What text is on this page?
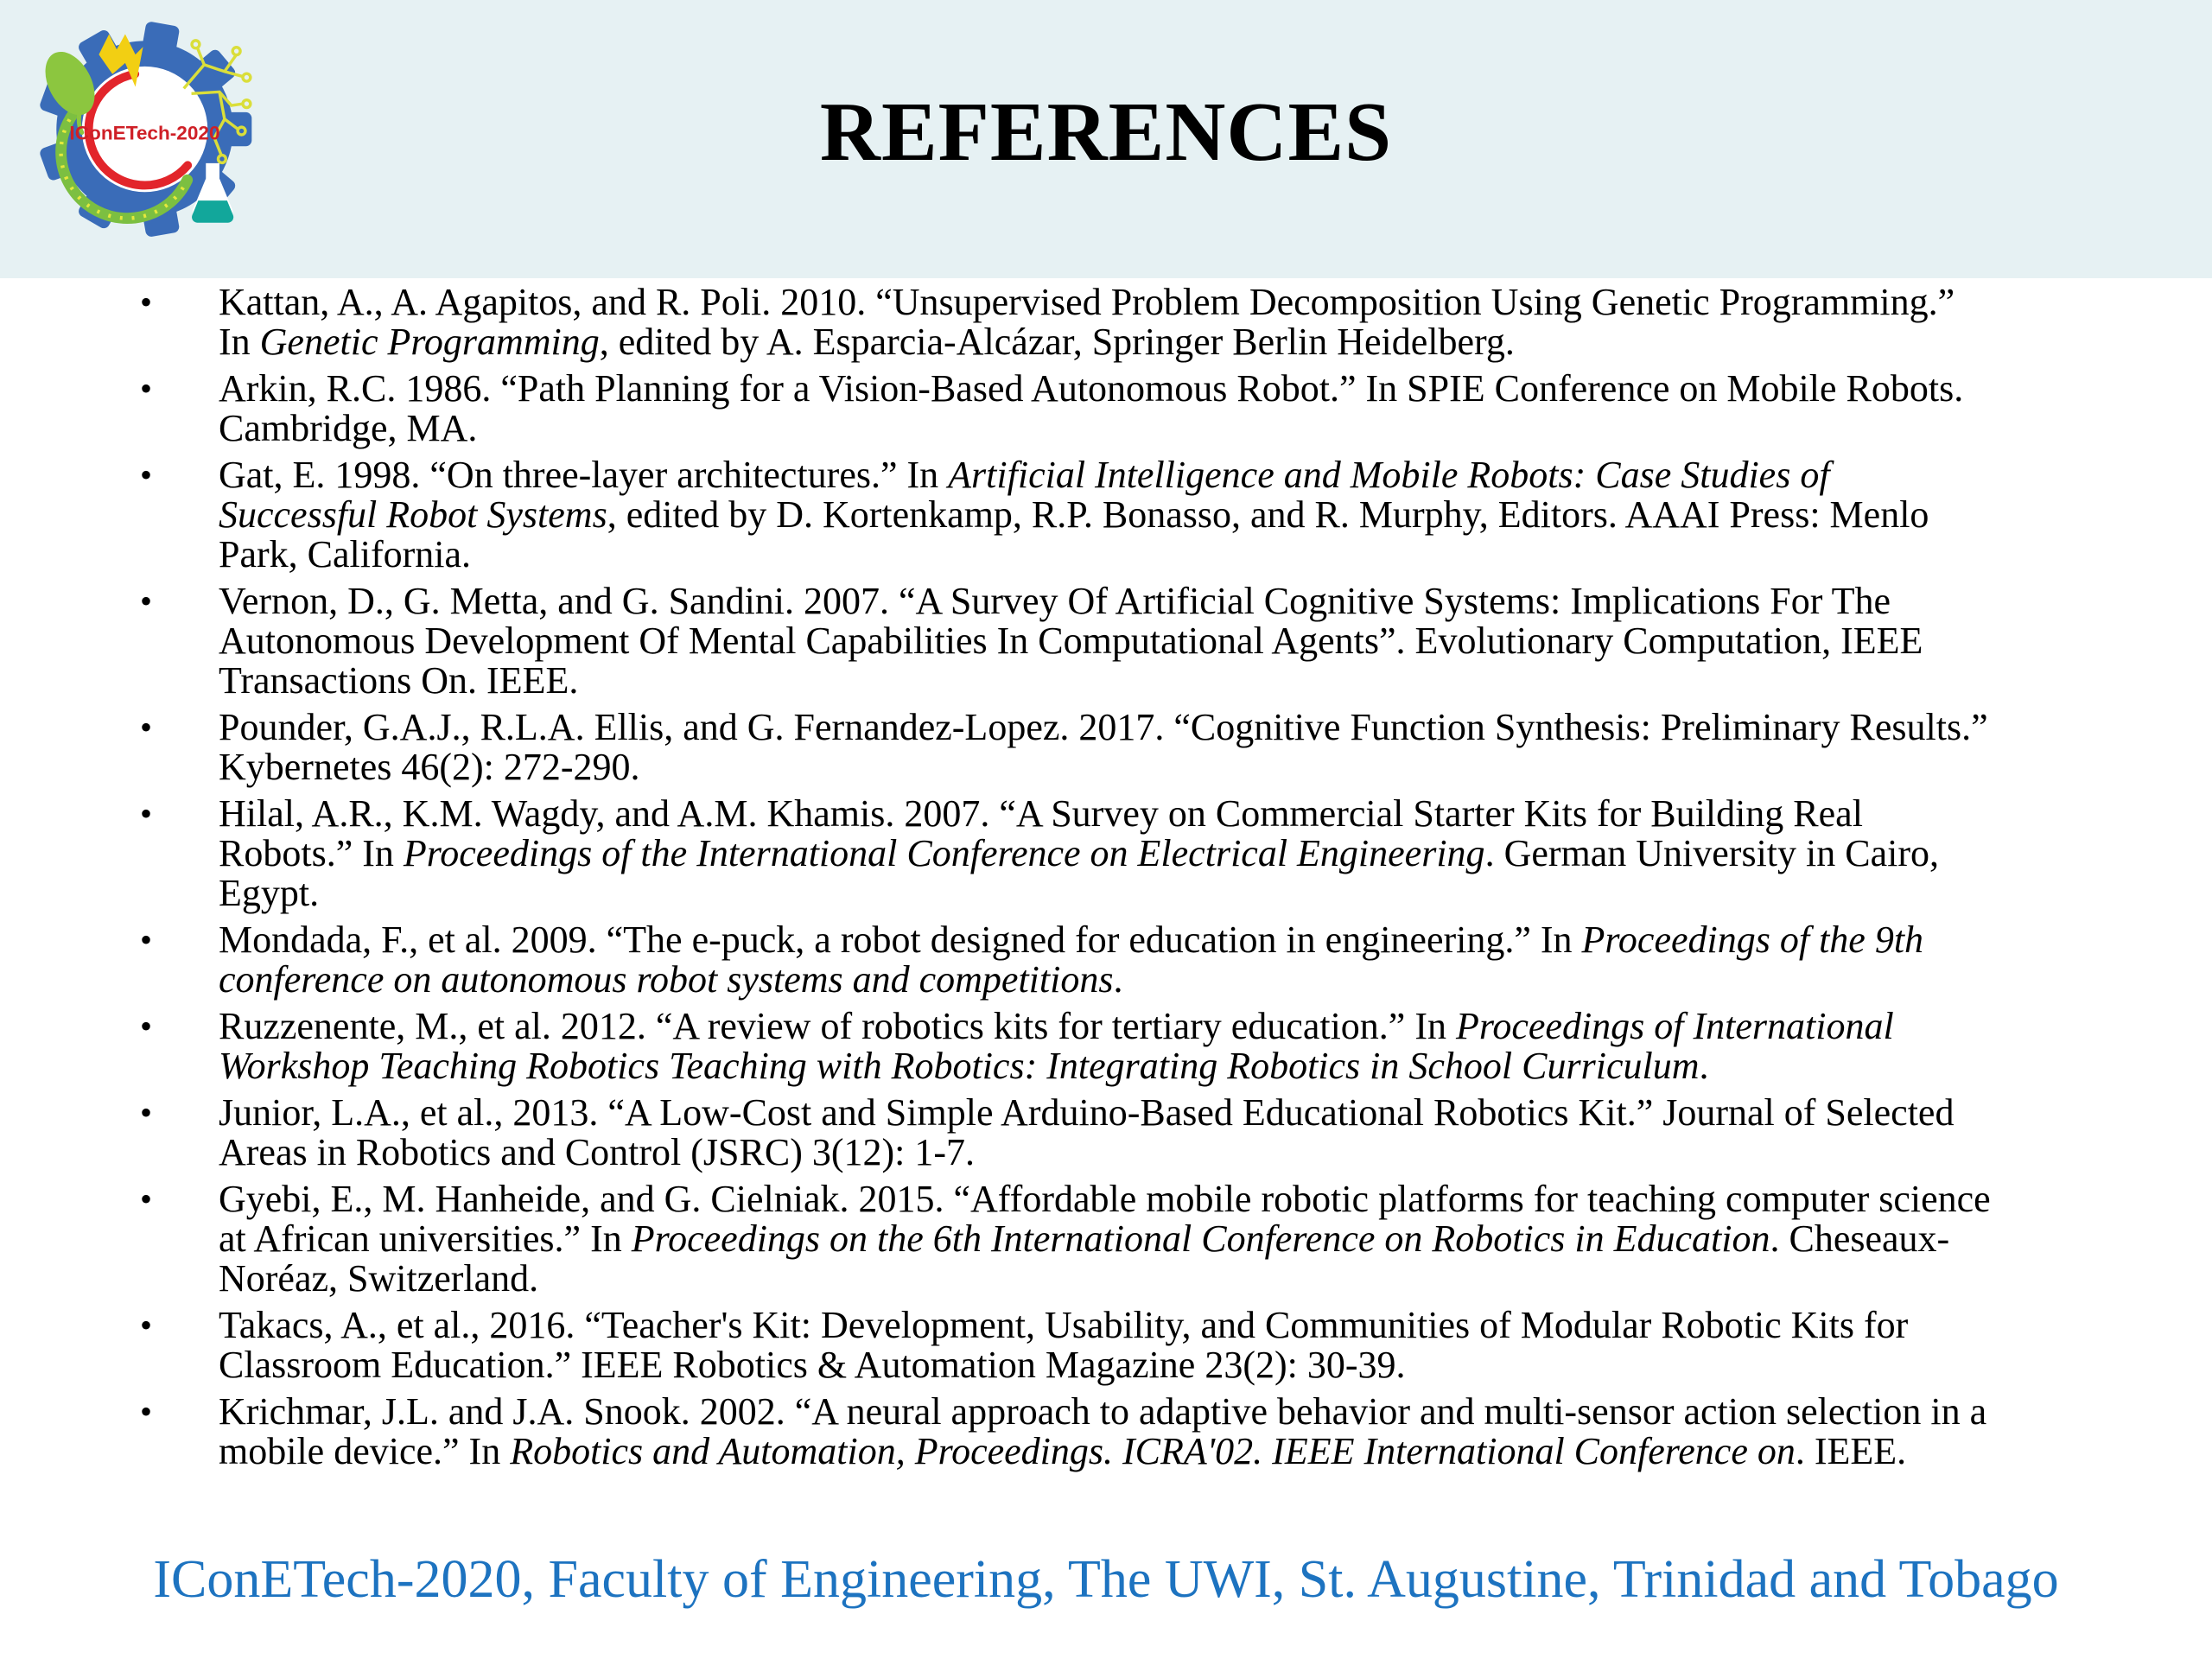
IConETech-2020	REFERENCES
• Kattan, A., A. Agapitos, and R. Poli. 2010. “Unsupervised Problem Decomposition Using Genetic Programming.”
In Genetic Programming, edited by A. Esparcia-Alcázar, Springer Berlin Heidelberg.
• Arkin, R.C. 1986. “Path Planning for a Vision-Based Autonomous Robot.” In SPIE Conference on Mobile Robots.
Cambridge, MA.
• Gat, E. 1998. “On three-layer architectures.” In Artificial Intelligence and Mobile Robots: Case Studies of
Successful Robot Systems, edited by D. Kortenkamp, R.P. Bonasso, and R. Murphy, Editors. AAAI Press: Menlo
Park, California.
• Vernon, D., G. Metta, and G. Sandini. 2007. “A Survey Of Artificial Cognitive Systems: Implications For The
Autonomous Development Of Mental Capabilities In Computational Agents”. Evolutionary Computation, IEEE
Transactions On. IEEE.
• Pounder, G.A.J., R.L.A. Ellis, and G. Fernandez-Lopez. 2017. “Cognitive Function Synthesis: Preliminary Results.”
Kybernetes 46(2): 272-290.
• Hilal, A.R., K.M. Wagdy, and A.M. Khamis. 2007. “A Survey on Commercial Starter Kits for Building Real
Robots.” In Proceedings of the International Conference on Electrical Engineering. German University in Cairo,
Egypt.
• Mondada, F., et al. 2009. “The e-puck, a robot designed for education in engineering.” In Proceedings of the 9th
conference on autonomous robot systems and competitions.
• Ruzzenente, M., et al. 2012. “A review of robotics kits for tertiary education.” In Proceedings of International
Workshop Teaching Robotics Teaching with Robotics: Integrating Robotics in School Curriculum.
• Junior, L.A., et al., 2013. “A Low-Cost and Simple Arduino-Based Educational Robotics Kit.” Journal of Selected
Areas in Robotics and Control (JSRC) 3(12): 1-7.
• Gyebi, E., M. Hanheide, and G. Cielniak. 2015. “Affordable mobile robotic platforms for teaching computer science
at African universities.” In Proceedings on the 6th International Conference on Robotics in Education. Cheseaux-
Noréaz, Switzerland.
• Takacs, A., et al., 2016. “Teacher's Kit: Development, Usability, and Communities of Modular Robotic Kits for
Classroom Education.” IEEE Robotics & Automation Magazine 23(2): 30-39.
• Krichmar, J.L. and J.A. Snook. 2002. “A neural approach to adaptive behavior and multi-sensor action selection in a
mobile device.” In Robotics and Automation, Proceedings. ICRA'02. IEEE International Conference on. IEEE.
IConETech-2020, Faculty of Engineering, The UWI, St. Augustine, Trinidad and Tobago
